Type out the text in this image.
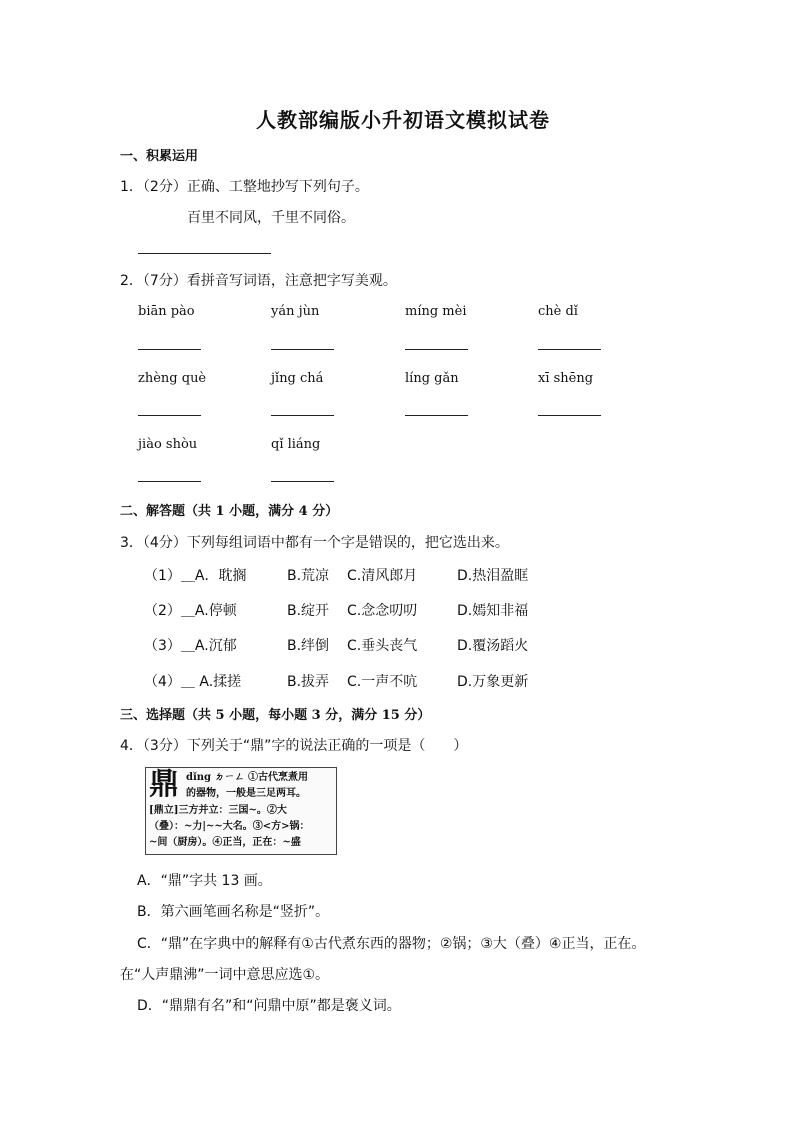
人教部编版小升初语文模拟试卷
一、积累运用
1．（2分）正确、工整地抄写下列句子。
百里不同风，千里不同俗。
2．（7分）看拼音写词语，注意把字写美观。
biān pào	yán jùn	míng mèi	chè dǐ
zhèng què	jǐng chá	líng gǎn	xī shēng
jiào shòu	qǐ liáng
二、解答题（共 1 小题，满分 4 分）
3．（4分）下列每组词语中都有一个字是错误的，把它选出来。
（1）＿A．耽搁	B.荒凉 C.清风郎月	D.热泪盈眶
（2）＿A.停顿	B.绽开 C.念念叨叨	D.嫣知非福
（3）＿A.沉郁	B.绊倒 C.垂头丧气	D.覆汤蹈火
（4）＿ A.揉搓	B.拔弄 C.一声不吭	D.万象更新
三、选择题（共 5 小题，每小题 3 分，满分 15 分）
4．（3分）下列关于“鼎”字的说法正确的一项是（　　）
鼎 dǐng ㄉㄧㄥ ①古代烹煮用
的器物，一般是三足两耳。
[鼎立]三方并立：三国~。②大
（叠）：~力|~~大名。③<方>锅：
~间（厨房）。④正当，正在：~盛
A．“鼎”字共 13 画。
B．第六画笔画名称是“竖折”。
C．“鼎”在字典中的解释有①古代煮东西的器物；②锅；③大（叠）④正当，正在。
在“人声鼎沸”一词中意思应选①。
D．“鼎鼎有名”和“问鼎中原”都是褒义词。
